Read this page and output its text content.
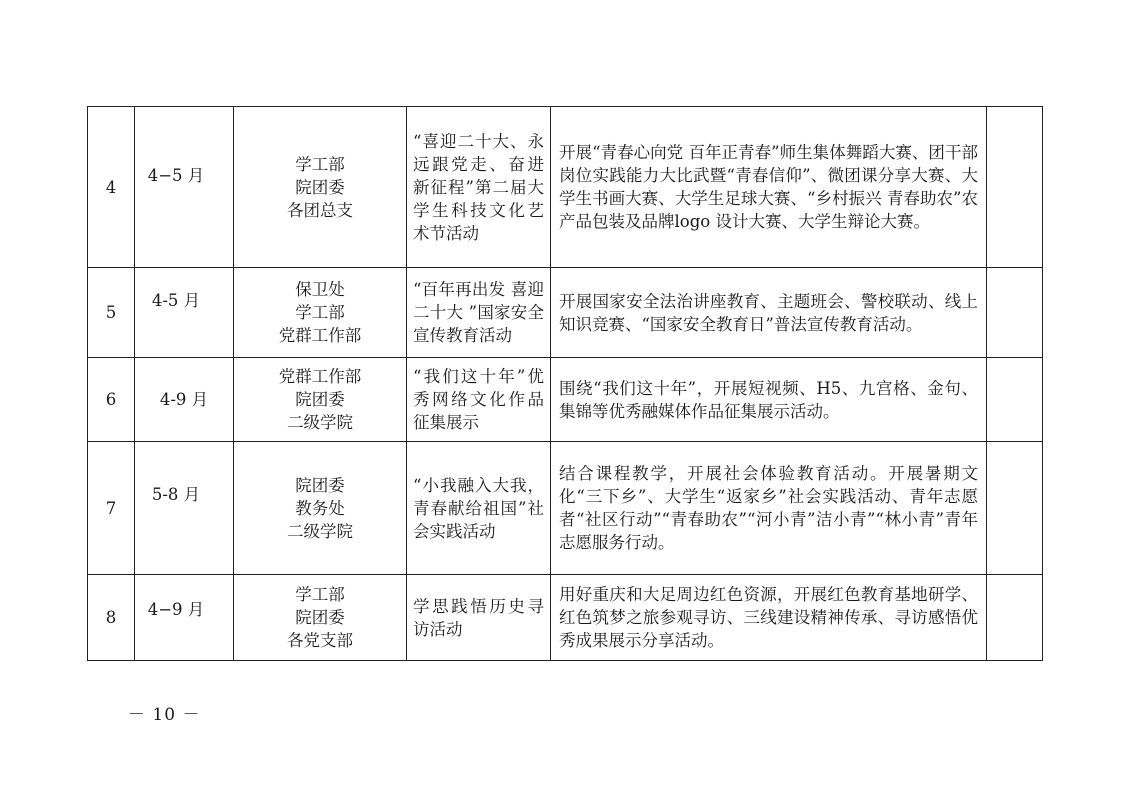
4	4−5 月	学工部
院团委
各团总支	“喜迎二十大、永远跟党走、奋进新征程”第二届大学生科技文化艺术节活动	开展“青春心向党 百年正青春”师生集体舞蹈大赛、团干部岗位实践能力大比武暨“青春信仰”、微团课分享大赛、大学生书画大赛、大学生足球大赛、“乡村振兴 青春助农”农产品包装及品牌logo 设计大赛、大学生辩论大赛。	
5	4-5 月	保卫处
学工部
党群工作部	“百年再出发 喜迎二十大 ”国家安全宣传教育活动	开展国家安全法治讲座教育、主题班会、警校联动、线上知识竞赛、“国家安全教育日”普法宣传教育活动。	
6	4-9 月	党群工作部
院团委
二级学院	“我们这十年”优秀网络文化作品征集展示	围绕“我们这十年”，开展短视频、H5、九宫格、金句、集锦等优秀融媒体作品征集展示活动。	
7	5-8 月	院团委
教务处
二级学院	“小我融入大我，青春献给祖国”社会实践活动	结合课程教学，开展社会体验教育活动。开展暑期文化“三下乡”、大学生“返家乡”社会实践活动、青年志愿者“社区行动”“青春助农”“河小青”洁小青”“林小青”青年志愿服务行动。	
8	4−9 月	学工部
院团委
各党支部	学思践悟历史寻访活动	用好重庆和大足周边红色资源，开展红色教育基地研学、红色筑梦之旅参观寻访、三线建设精神传承、寻访感悟优秀成果展示分享活动。	
－ 10 －
